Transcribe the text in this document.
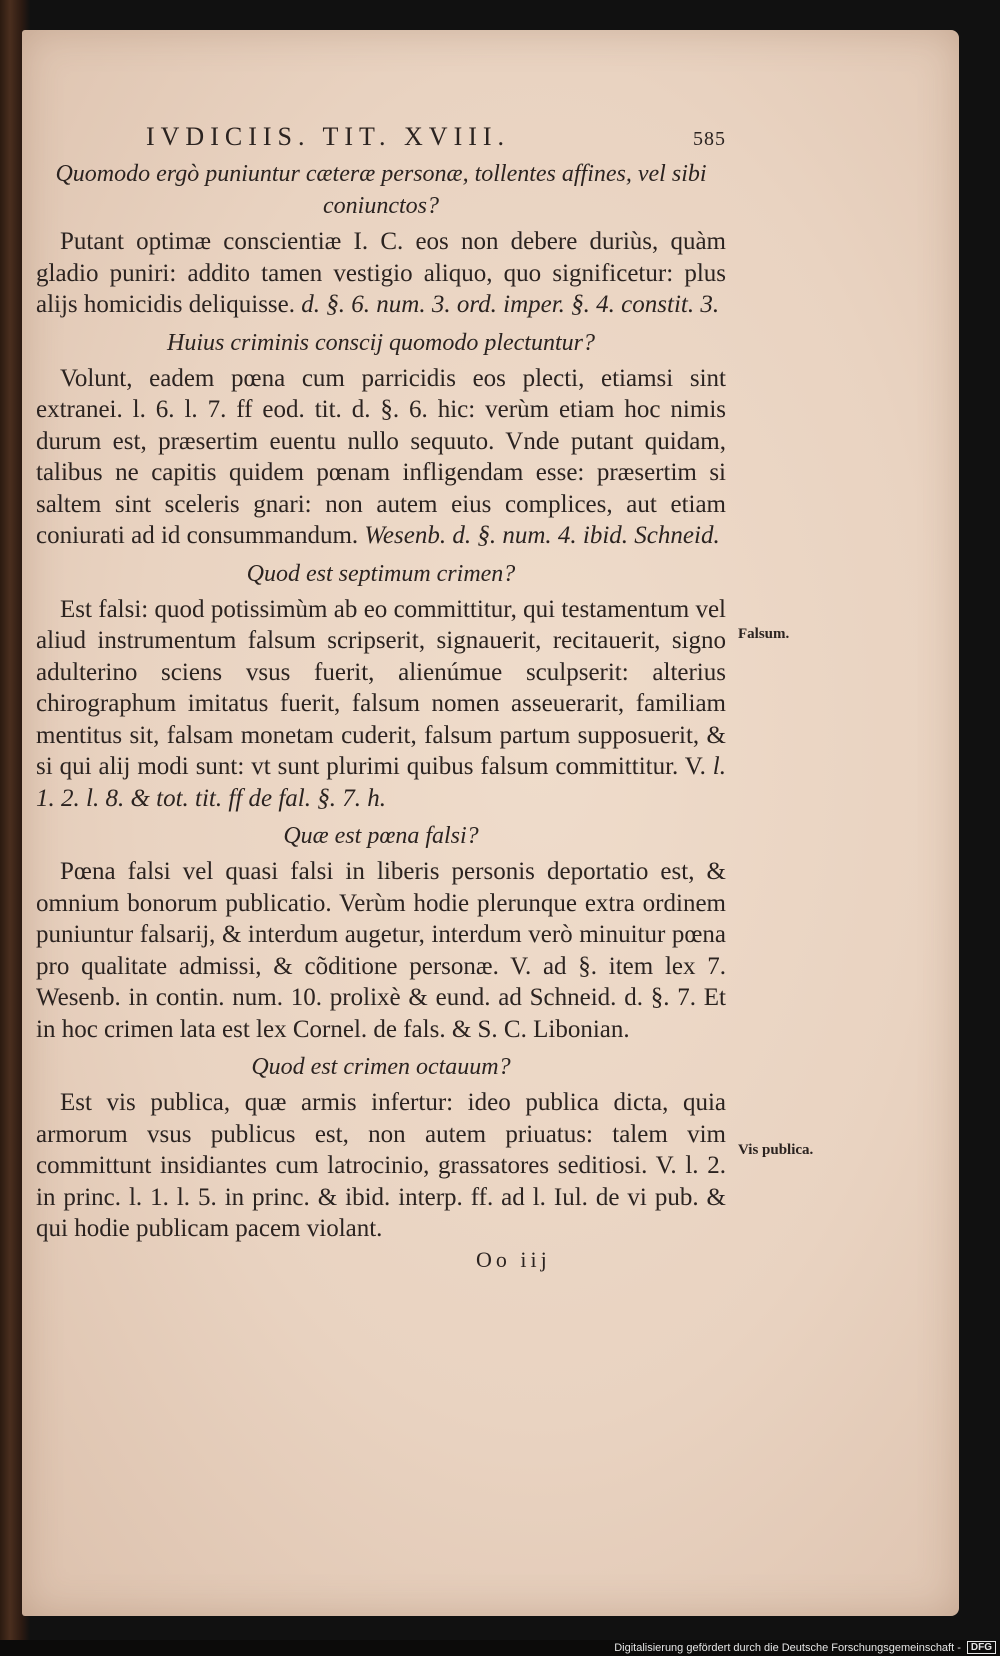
IVDICIIS. TIT. XVIII.	585
Quomodo ergò puniuntur cæteræ personæ, tollentes affines, vel sibi coniunctos?

Putant optimæ conscientiæ I. C. eos non debere duriùs, quàm gladio puniri: addito tamen vestigio aliquo, quo significetur: plus alijs homicidis deliquisse. d. §. 6. num. 3. ord. imper. §. 4. constit. 3.

Huius criminis conscij quomodo plectuntur?

Volunt, eadem pœna cum parricidis eos plecti, etiamsi sint extranei. l. 6. l. 7. ff eod. tit. d. §. 6. hic: verùm etiam hoc nimis durum est, præsertim euentu nullo sequuto. Vnde putant quidam, talibus ne capitis quidem pœnam infligendam esse: præsertim si saltem sint sceleris gnari: non autem eius complices, aut etiam coniurati ad id consummandum. Wesenb. d. §. num. 4. ibid. Schneid.

Quod est septimum crimen?

Est falsi: quod potissimùm ab eo committitur, qui testamentum vel aliud instrumentum falsum scripserit, signauerit, recitauerit, signo adulterino sciens vsus fuerit, alienúmue sculpserit: alterius chirographum imitatus fuerit, falsum nomen asseuerarit, familiam mentitus sit, falsam monetam cuderit, falsum partum supposuerit, & si qui alij modi sunt: vt sunt plurimi quibus falsum committitur. V. l. 1. 2. l. 8. & tot. tit. ff de fal. §. 7. h.

Quæ est pœna falsi?

Pœna falsi vel quasi falsi in liberis personis deportatio est, & omnium bonorum publicatio. Verùm hodie plerunque extra ordinem puniuntur falsarij, & interdum augetur, interdum verò minuitur pœna pro qualitate admissi, & cõditione personæ. V. ad §. item lex 7. Wesenb. in contin. num. 10. prolixè & eund. ad Schneid. d. §. 7. Et in hoc crimen lata est lex Cornel. de fals. & S. C. Libonian.

Quod est crimen octauum?

Est vis publica, quæ armis infertur: ideo publica dicta, quia armorum vsus publicus est, non autem priuatus: talem vim committunt insidiantes cum latrocinio, grassatores seditiosi. V. l. 2. in princ. l. 1. l. 5. in princ. & ibid. interp. ff. ad l. Iul. de vi pub. & qui hodie publicam pacem violant.

Oo iij
Falsum.
Vis publica.
Digitalisierung gefördert durch die Deutsche Forschungsgemeinschaft -	DFG
